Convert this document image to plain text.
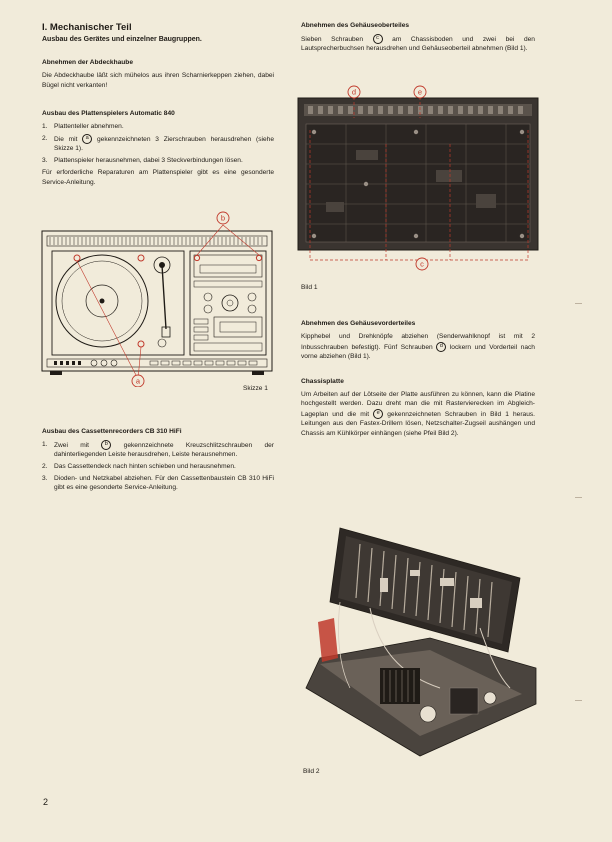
I. Mechanischer Teil
Ausbau des Gerätes und einzelner Baugruppen.
Abnehmen der Abdeckhaube
Die Abdeckhaube läßt sich mühelos aus ihren Scharnierkeppen ziehen, dabei Bügel nicht verkanten!
Ausbau des Plattenspielers Automatic 840
1. Plattenteller abnehmen.
2. Die mit a gekennzeichneten 3 Zierschrauben herausdrehen (siehe Skizze 1).
3. Plattenspieler herausnehmen, dabei 3 Steckverbindungen lösen.
Für erforderliche Reparaturen am Plattenspieler gibt es eine gesonderte Service-Anleitung.
b
a
Skizze 1
Ausbau des Cassettenrecorders CB 310 HiFi
1. Zwei mit	b gekennzeichnete Kreuzschlitzschrauben der dahinterliegenden Leiste herausdrehen, Leiste herausnehmen.
2. Das Cassettendeck nach hinten schieben und herausnehmen.
3. Dioden- und Netzkabel abziehen. Für den Cassettenbaustein CB 310 HiFi gibt es eine gesonderte Service-Anleitung.
Abnehmen des Gehäuseoberteiles
Sieben Schrauben c am Chassisboden und zwei bei den Lautsprecherbuchsen herausdrehen und Gehäuseoberteil abnehmen (Bild 1).
d	e
c
Bild 1
Abnehmen des Gehäusevorderteiles
Kipphebel und Drehknöpfe abziehen (Senderwahlknopf ist mit 2 Inbusschrauben befestigt). Fünf Schrauben d lockern und Vorderteil nach vorne abziehen (Bild 1).
Chassisplatte
Um Arbeiten auf der Lötseite der Platte ausführen zu können, kann die Platine hochgestellt werden. Dazu dreht man die mit Rastervierecken im Abgleich-Lageplan und die mit e gekennzeichneten Schrauben in Bild 1 heraus. Leitungen aus den Fastex-Drillern lösen, Netzschalter-Zugseil aushängen und Chassis am Kühlkörper einhängen (siehe Pfeil Bild 2).
Bild 2
—
—
—
2
